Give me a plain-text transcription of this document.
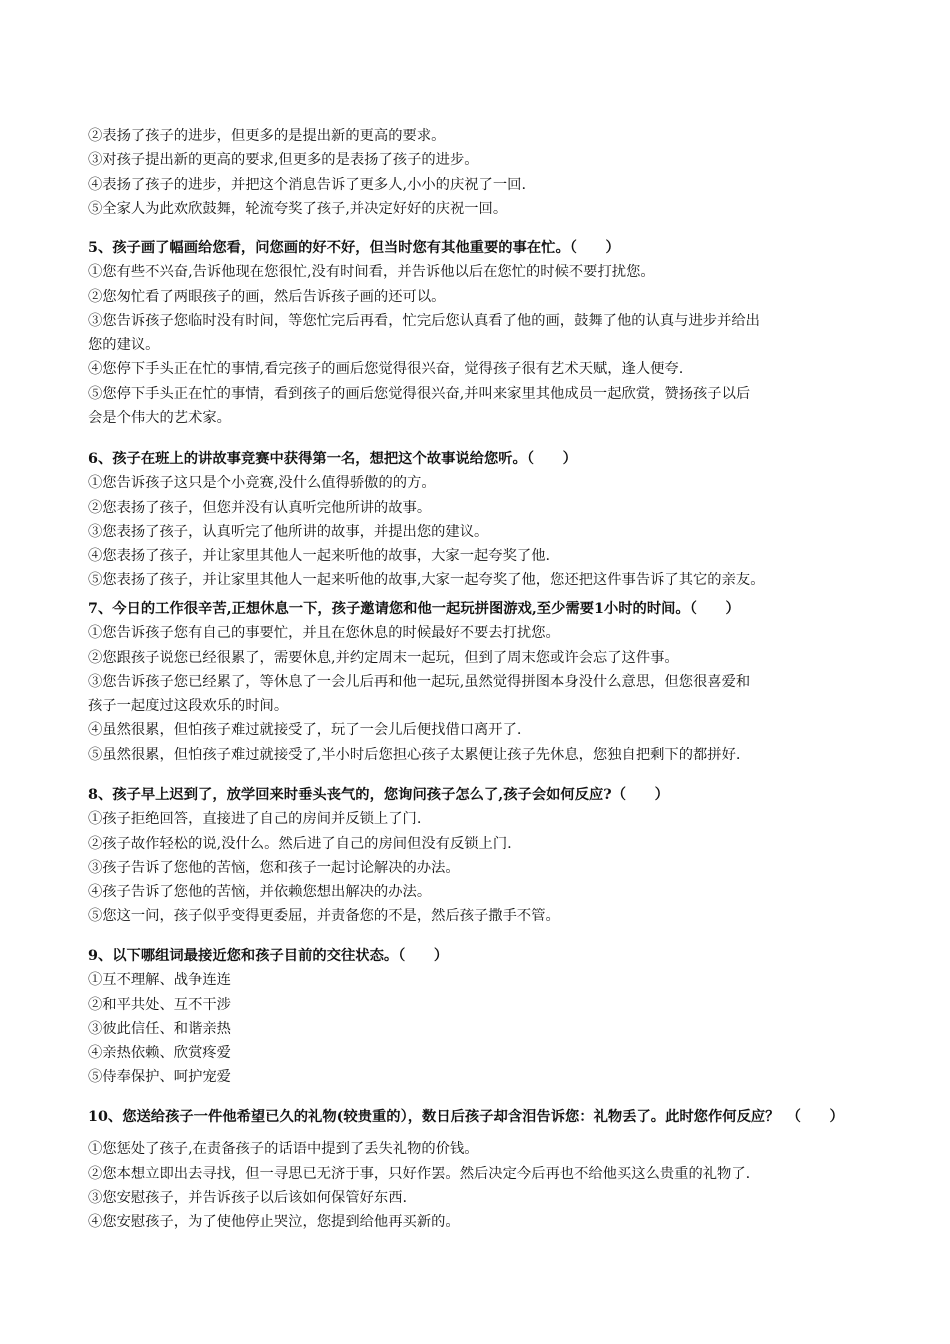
②表扬了孩子的进步，但更多的是提出新的更高的要求。
③对孩子提出新的更高的要求,但更多的是表扬了孩子的进步。
④表扬了孩子的进步，并把这个消息告诉了更多人,小小的庆祝了一回.
⑤全家人为此欢欣鼓舞，轮流夸奖了孩子,并决定好好的庆祝一回。
5、孩子画了幅画给您看，问您画的好不好，但当时您有其他重要的事在忙。（　　）
①您有些不兴奋,告诉他现在您很忙,没有时间看，并告诉他以后在您忙的时候不要打扰您。
②您匆忙看了两眼孩子的画，然后告诉孩子画的还可以。
③您告诉孩子您临时没有时间，等您忙完后再看，忙完后您认真看了他的画，鼓舞了他的认真与进步并给出
您的建议。
④您停下手头正在忙的事情,看完孩子的画后您觉得很兴奋，觉得孩子很有艺术天赋，逢人便夸.
⑤您停下手头正在忙的事情，看到孩子的画后您觉得很兴奋,并叫来家里其他成员一起欣赏，赞扬孩子以后
会是个伟大的艺术家。
6、孩子在班上的讲故事竞赛中获得第一名，想把这个故事说给您听。（　　）
①您告诉孩子这只是个小竞赛,没什么值得骄傲的的方。
②您表扬了孩子，但您并没有认真听完他所讲的故事。
③您表扬了孩子，认真听完了他所讲的故事，并提出您的建议。
④您表扬了孩子，并让家里其他人一起来听他的故事，大家一起夸奖了他.
⑤您表扬了孩子，并让家里其他人一起来听他的故事,大家一起夸奖了他，您还把这件事告诉了其它的亲友。
7、今日的工作很辛苦,正想休息一下，孩子邀请您和他一起玩拼图游戏,至少需要1小时的时间。（　　）
①您告诉孩子您有自己的事要忙，并且在您休息的时候最好不要去打扰您。
②您跟孩子说您已经很累了，需要休息,并约定周末一起玩，但到了周末您或许会忘了这件事。
③您告诉孩子您已经累了，等休息了一会儿后再和他一起玩,虽然觉得拼图本身没什么意思，但您很喜爱和
孩子一起度过这段欢乐的时间。
④虽然很累，但怕孩子难过就接受了，玩了一会儿后便找借口离开了.
⑤虽然很累，但怕孩子难过就接受了,半小时后您担心孩子太累便让孩子先休息，您独自把剩下的都拼好.
8、孩子早上迟到了，放学回来时垂头丧气的，您询问孩子怎么了,孩子会如何反应?（　　）
①孩子拒绝回答，直接进了自己的房间并反锁上了门.
②孩子故作轻松的说,没什么。然后进了自己的房间但没有反锁上门.
③孩子告诉了您他的苦恼，您和孩子一起讨论解决的办法。
④孩子告诉了您他的苦恼，并依赖您想出解决的办法。
⑤您这一问，孩子似乎变得更委屈，并责备您的不是，然后孩子撒手不管。
9、以下哪组词最接近您和孩子目前的交往状态。（　　）
①互不理解、战争连连
②和平共处、互不干涉
③彼此信任、和谐亲热
④亲热依赖、欣赏疼爱
⑤侍奉保护、呵护宠爱
10、您送给孩子一件他希望已久的礼物(较贵重的），数日后孩子却含泪告诉您：礼物丢了。此时您作何反应？　（　　）
①您惩处了孩子,在责备孩子的话语中提到了丢失礼物的价钱。
②您本想立即出去寻找，但一寻思已无济于事，只好作罢。然后决定今后再也不给他买这么贵重的礼物了.
③您安慰孩子，并告诉孩子以后该如何保管好东西.
④您安慰孩子，为了使他停止哭泣，您提到给他再买新的。
